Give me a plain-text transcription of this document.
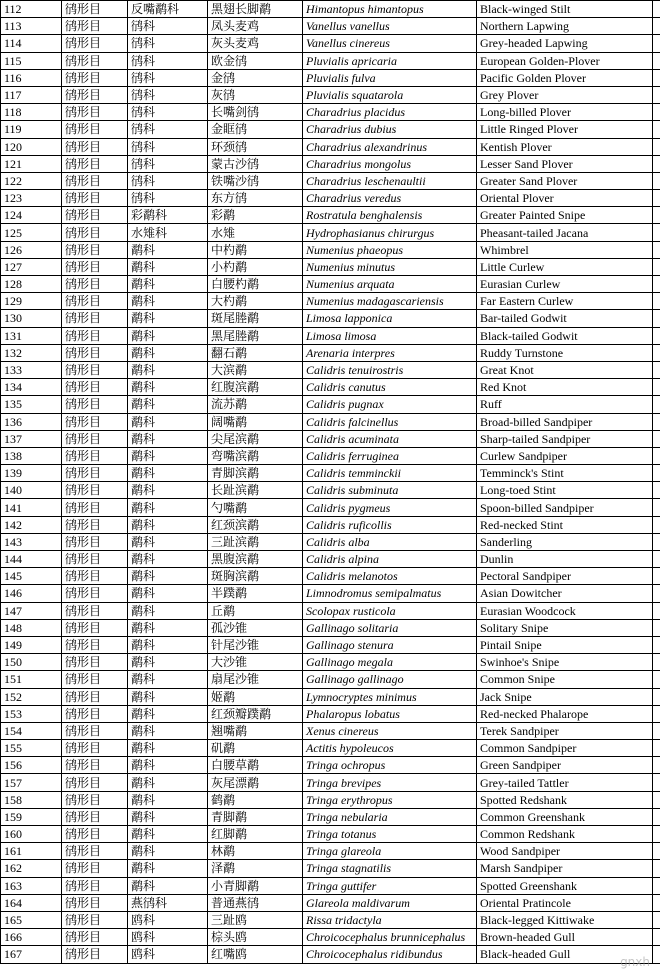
112	鸻形目	反嘴鹬科	黑翅长脚鹬	Himantopus himantopus	Black-winged Stilt	
113	鸻形目	鸻科	凤头麦鸡	Vanellus vanellus	Northern Lapwing	
114	鸻形目	鸻科	灰头麦鸡	Vanellus cinereus	Grey-headed Lapwing	
115	鸻形目	鸻科	欧金鸻	Pluvialis apricaria	European Golden-Plover	
116	鸻形目	鸻科	金鸻	Pluvialis fulva	Pacific Golden Plover	
117	鸻形目	鸻科	灰鸻	Pluvialis squatarola	Grey Plover	
118	鸻形目	鸻科	长嘴剑鸻	Charadrius placidus	Long-billed Plover	
119	鸻形目	鸻科	金眶鸻	Charadrius dubius	Little Ringed Plover	
120	鸻形目	鸻科	环颈鸻	Charadrius alexandrinus	Kentish Plover	
121	鸻形目	鸻科	蒙古沙鸻	Charadrius mongolus	Lesser Sand Plover	
122	鸻形目	鸻科	铁嘴沙鸻	Charadrius leschenaultii	Greater Sand Plover	
123	鸻形目	鸻科	东方鸻	Charadrius veredus	Oriental Plover	
124	鸻形目	彩鹬科	彩鹬	Rostratula benghalensis	Greater Painted Snipe	
125	鸻形目	水雉科	水雉	Hydrophasianus chirurgus	Pheasant-tailed Jacana	
126	鸻形目	鹬科	中杓鹬	Numenius phaeopus	Whimbrel	
127	鸻形目	鹬科	小杓鹬	Numenius minutus	Little Curlew	
128	鸻形目	鹬科	白腰杓鹬	Numenius arquata	Eurasian Curlew	
129	鸻形目	鹬科	大杓鹬	Numenius madagascariensis	Far Eastern Curlew	
130	鸻形目	鹬科	斑尾塍鹬	Limosa lapponica	Bar-tailed Godwit	
131	鸻形目	鹬科	黑尾塍鹬	Limosa limosa	Black-tailed Godwit	
132	鸻形目	鹬科	翻石鹬	Arenaria interpres	Ruddy Turnstone	
133	鸻形目	鹬科	大滨鹬	Calidris tenuirostris	Great Knot	
134	鸻形目	鹬科	红腹滨鹬	Calidris canutus	Red Knot	
135	鸻形目	鹬科	流苏鹬	Calidris pugnax	Ruff	
136	鸻形目	鹬科	阔嘴鹬	Calidris falcinellus	Broad-billed Sandpiper	
137	鸻形目	鹬科	尖尾滨鹬	Calidris acuminata	Sharp-tailed Sandpiper	
138	鸻形目	鹬科	弯嘴滨鹬	Calidris ferruginea	Curlew Sandpiper	
139	鸻形目	鹬科	青脚滨鹬	Calidris temminckii	Temminck's Stint	
140	鸻形目	鹬科	长趾滨鹬	Calidris subminuta	Long-toed Stint	
141	鸻形目	鹬科	勺嘴鹬	Calidris pygmeus	Spoon-billed Sandpiper	
142	鸻形目	鹬科	红颈滨鹬	Calidris ruficollis	Red-necked Stint	
143	鸻形目	鹬科	三趾滨鹬	Calidris alba	Sanderling	
144	鸻形目	鹬科	黑腹滨鹬	Calidris alpina	Dunlin	
145	鸻形目	鹬科	斑胸滨鹬	Calidris melanotos	Pectoral Sandpiper	
146	鸻形目	鹬科	半蹼鹬	Limnodromus semipalmatus	Asian Dowitcher	
147	鸻形目	鹬科	丘鹬	Scolopax rusticola	Eurasian Woodcock	
148	鸻形目	鹬科	孤沙锥	Gallinago solitaria	Solitary Snipe	
149	鸻形目	鹬科	针尾沙锥	Gallinago stenura	Pintail Snipe	
150	鸻形目	鹬科	大沙锥	Gallinago megala	Swinhoe's Snipe	
151	鸻形目	鹬科	扇尾沙锥	Gallinago gallinago	Common Snipe	
152	鸻形目	鹬科	姬鹬	Lymnocryptes minimus	Jack Snipe	
153	鸻形目	鹬科	红颈瓣蹼鹬	Phalaropus lobatus	Red-necked Phalarope	
154	鸻形目	鹬科	翘嘴鹬	Xenus cinereus	Terek Sandpiper	
155	鸻形目	鹬科	矶鹬	Actitis hypoleucos	Common Sandpiper	
156	鸻形目	鹬科	白腰草鹬	Tringa ochropus	Green Sandpiper	
157	鸻形目	鹬科	灰尾漂鹬	Tringa brevipes	Grey-tailed Tattler	
158	鸻形目	鹬科	鹤鹬	Tringa erythropus	Spotted Redshank	
159	鸻形目	鹬科	青脚鹬	Tringa nebularia	Common Greenshank	
160	鸻形目	鹬科	红脚鹬	Tringa totanus	Common Redshank	
161	鸻形目	鹬科	林鹬	Tringa glareola	Wood Sandpiper	
162	鸻形目	鹬科	泽鹬	Tringa stagnatilis	Marsh Sandpiper	
163	鸻形目	鹬科	小青脚鹬	Tringa guttifer	Spotted Greenshank	
164	鸻形目	燕鸻科	普通燕鸻	Glareola maldivarum	Oriental Pratincole	
165	鸻形目	鸥科	三趾鸥	Rissa tridactyla	Black-legged Kittiwake	
166	鸻形目	鸥科	棕头鸥	Chroicocephalus brunnicephalus	Brown-headed Gull	
167	鸻形目	鸥科	红嘴鸥	Chroicocephalus ridibundus	Black-headed Gull	
gnxh
